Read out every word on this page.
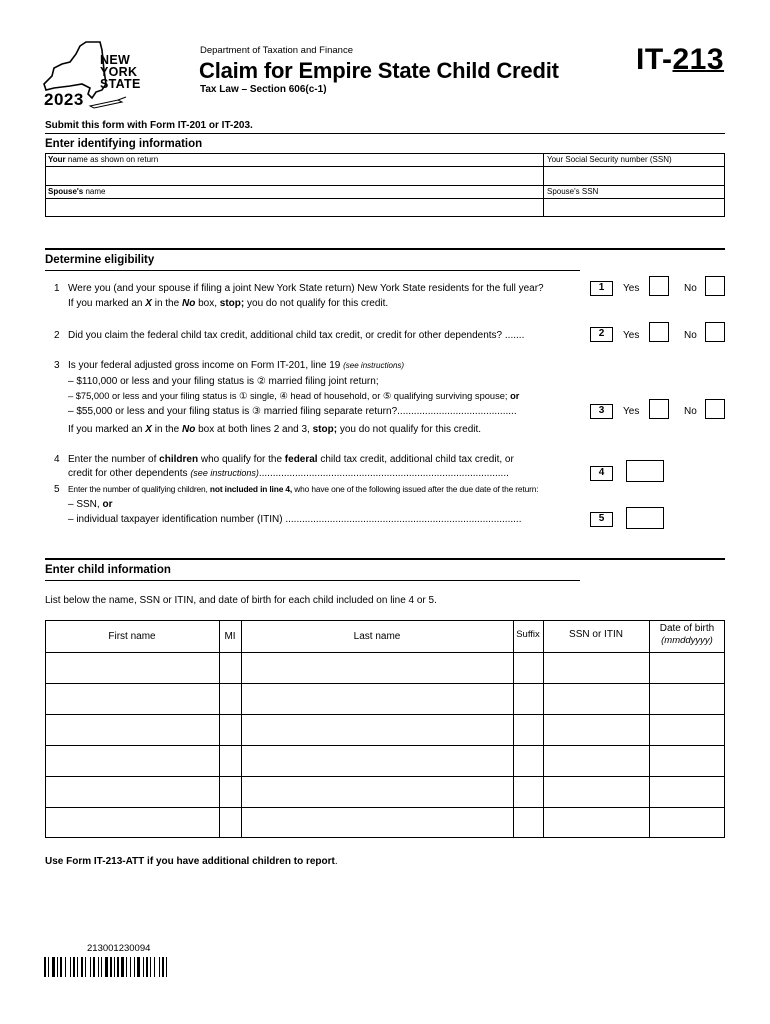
NEW
YORK
STATE
2023
Department of Taxation and Finance
Claim for Empire State Child Credit
Tax Law – Section 606(c-1)
IT-213
Submit this form with Form IT-201 or IT-203.
Enter identifying information
Your name as shown on return	Your Social Security number (SSN)
Spouse's name	Spouse's SSN
Determine eligibility
1 Were you (and your spouse if filing a joint New York State return) New York State residents for the full year?
If you marked an X in the No box, stop; you do not qualify for this credit.
1	Yes	No
2 Did you claim the federal child tax credit, additional child tax credit, or credit for other dependents? .......	2	Yes	No
3 Is your federal adjusted gross income on Form IT-201, line 19 (see instructions)
– $110,000 or less and your filing status is ② married filing joint return;
– $75,000 or less and your filing status is ① single, ④ head of household, or ⑤ qualifying surviving spouse; or
– $55,000 or less and your filing status is ③ married filing separate return?...........................................
If you marked an X in the No box at both lines 2 and 3, stop; you do not qualify for this credit.
3	Yes	No
4 Enter the number of children who qualify for the federal child tax credit, additional child tax credit, or
credit for other dependents (see instructions)..........................................................................................	4
5 Enter the number of qualifying children, not included in line 4, who have one of the following issued after the due date of the return:
– SSN, or
– individual taxpayer identification number (ITIN) .....................................................................................	5
Enter child information
List below the name, SSN or ITIN, and date of birth for each child included on line 4 or 5.
First name	MI	Last name	Suffix	SSN or ITIN
Date of birth
(mmddyyyy)
Use Form IT-213-ATT if you have additional children to report.
213001230094
